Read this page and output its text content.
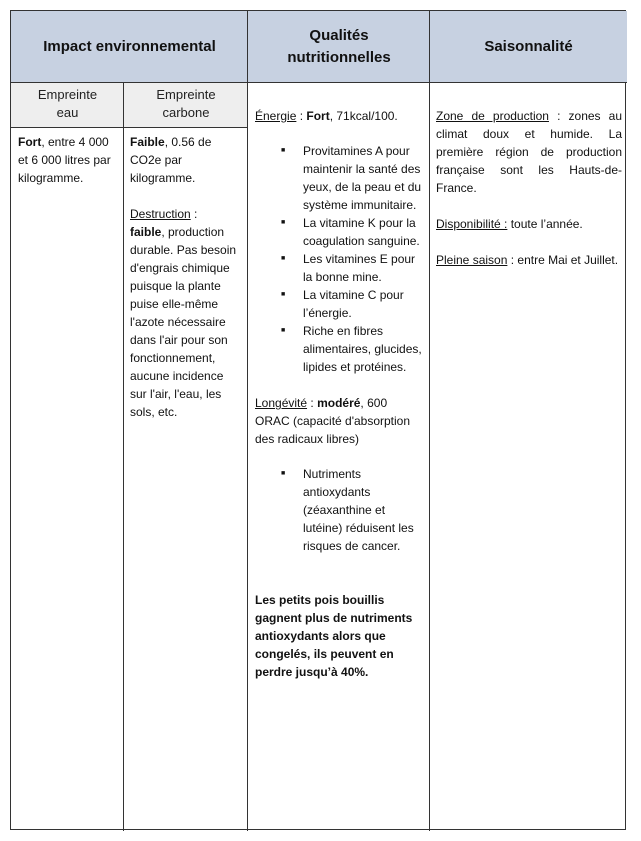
Impact environnemental
Qualités
nutritionnelles
Saisonnalité
Empreinte
eau
Empreinte
carbone

Fort, entre 4 000 et 6 000 litres par kilogramme.

Faible, 0.56 de CO2e par kilogramme.

Destruction :
faible, production durable. Pas besoin d'engrais chimique puisque la plante puise elle-même l'azote nécessaire dans l'air pour son fonctionnement, aucune incidence sur l'air, l'eau, les sols, etc.

Énergie : Fort, 71kcal/100.

■ Provitamines A pour maintenir la santé des yeux, de la peau et du système immunitaire.
■ La vitamine K pour la coagulation sanguine.
■ Les vitamines E pour la bonne mine.
■ La vitamine C pour l’énergie.
■ Riche en fibres alimentaires, glucides, lipides et protéines.

Longévité : modéré, 600 ORAC (capacité d'absorption des radicaux libres)

■ Nutriments antioxydants (zéaxanthine et lutéine) réduisent les risques de cancer.

Les petits pois bouillis gagnent plus de nutriments antioxydants alors que congelés, ils peuvent en perdre jusqu’à 40%.

Zone de production : zones au climat doux et humide. La première région de production française sont les Hauts-de-France.

Disponibilité : toute l’année.

Pleine saison : entre Mai et Juillet.
